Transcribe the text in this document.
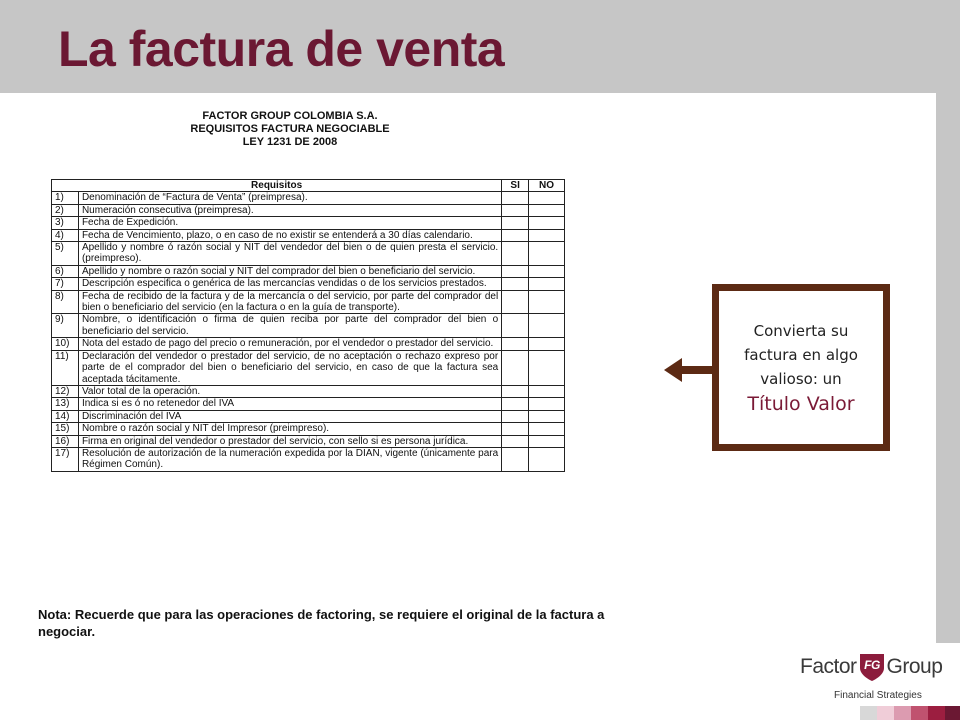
La factura de venta
FACTOR GROUP COLOMBIA S.A.
REQUISITOS FACTURA NEGOCIABLE
LEY 1231 DE 2008
Requisitos		SI	NO
1)	Denominación de “Factura de Venta” (preimpresa).		
2)	Numeración consecutiva (preimpresa).		
3)	Fecha de Expedición.		
4)	Fecha de Vencimiento, plazo, o en caso de no existir se entenderá a 30 días calendario.		
5)	Apellido y nombre ó razón social y NIT del vendedor del bien o de quien presta el servicio. (preimpreso).		
6)	Apellido y nombre o razón social y NIT del comprador del bien o beneficiario del servicio.		
7)	Descripción especifica o genérica de las mercancías vendidas o de los servicios prestados.		
8)	Fecha de recibido de la factura y de la mercancía o del servicio, por parte del comprador del bien o beneficiario del servicio (en la factura o en la guía de transporte).		
9)	Nombre, o identificación o firma de quien reciba por parte del comprador del bien o beneficiario del servicio.		
10)	Nota del estado de pago del precio o remuneración, por el vendedor o prestador del servicio.		
11)	Declaración del vendedor o prestador del servicio, de no aceptación o rechazo expreso por parte de el comprador del bien o beneficiario del servicio, en caso de que la factura sea aceptada tácitamente.		
12)	Valor total de la operación.		
13)	Indica si es ó no retenedor del IVA		
14)	Discriminación del IVA		
15)	Nombre o razón social y NIT del Impresor (preimpreso).		
16)	Firma en original del vendedor o prestador del servicio, con sello si es persona jurídica.		
17)	Resolución de autorización de la numeración expedida por la DIAN, vigente (únicamente para Régimen Común).		
Nota: Recuerde que para las operaciones de factoring, se requiere el original de la factura a negociar.
Convierta su factura en algo valioso: un
Título Valor
Factor FG Group
Financial Strategies
